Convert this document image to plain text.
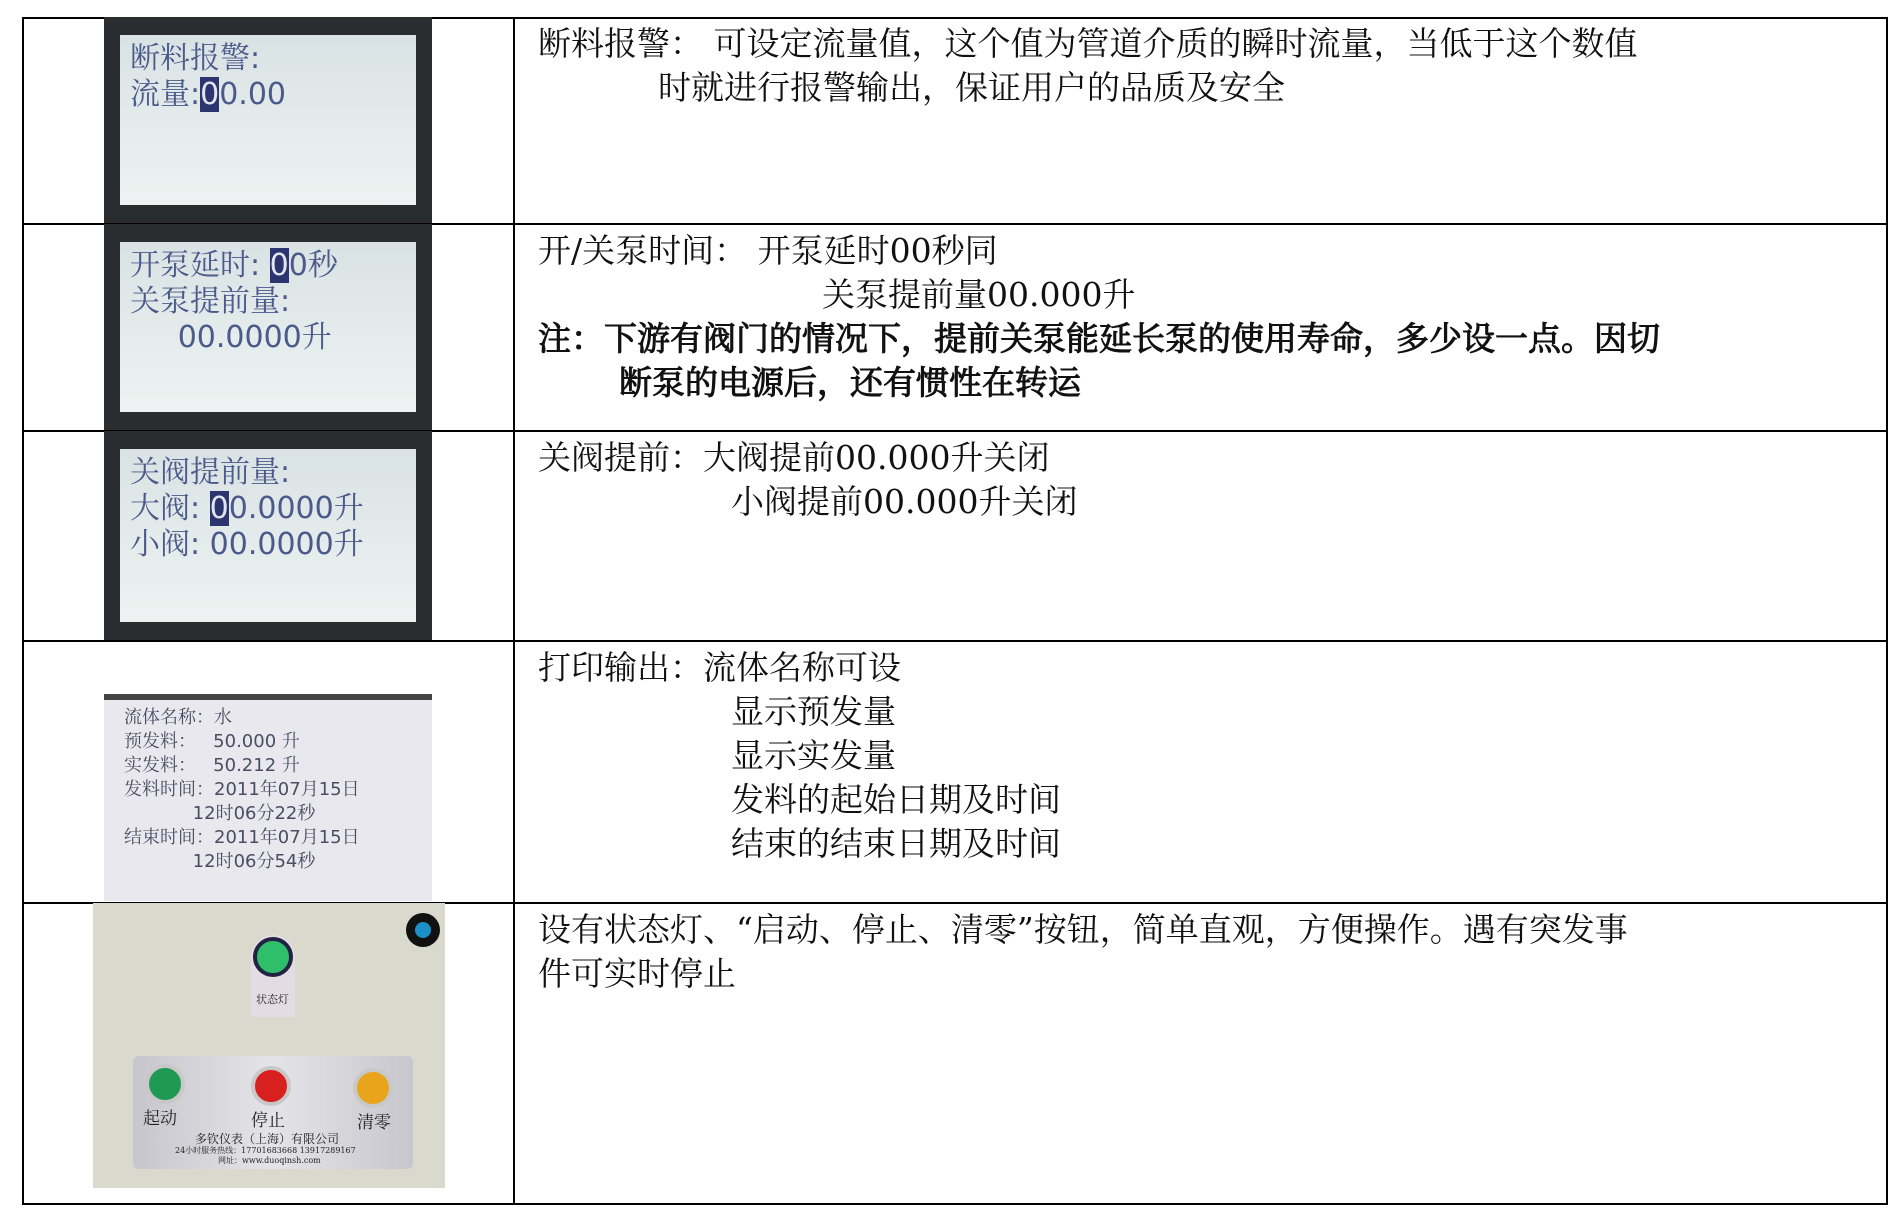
断料报警:
流量:00.00
断料报警： 可设定流量值，这个值为管道介质的瞬时流量，当低于这个数值
时就进行报警输出，保证用户的品质及安全
开泵延时: 00秒
关泵提前量:
00.0000升
开/关泵时间： 开泵延时00秒同
关泵提前量00.000升
注：下游有阀门的情况下，提前关泵能延长泵的使用寿命，多少设一点。因切
断泵的电源后，还有惯性在转运
关阀提前量:
大阀: 00.0000升
小阀: 00.0000升
关阀提前：大阀提前00.000升关闭
小阀提前00.000升关闭
流体名称：水
预发料：   50.000 升
实发料：   50.212 升
发料时间：2011年07月15日
12时06分22秒
结束时间：2011年07月15日
12时06分54秒
打印输出：流体名称可设
显示预发量
显示实发量
发料的起始日期及时间
结束的结束日期及时间
状态灯
起动	停止	清零
多钦仪表（上海）有限公司
24小时服务热线：17701683668 13917289167
网址：www.duoqinsh.com
设有状态灯、“启动、停止、清零”按钮，简单直观，方便操作。遇有突发事
件可实时停止
